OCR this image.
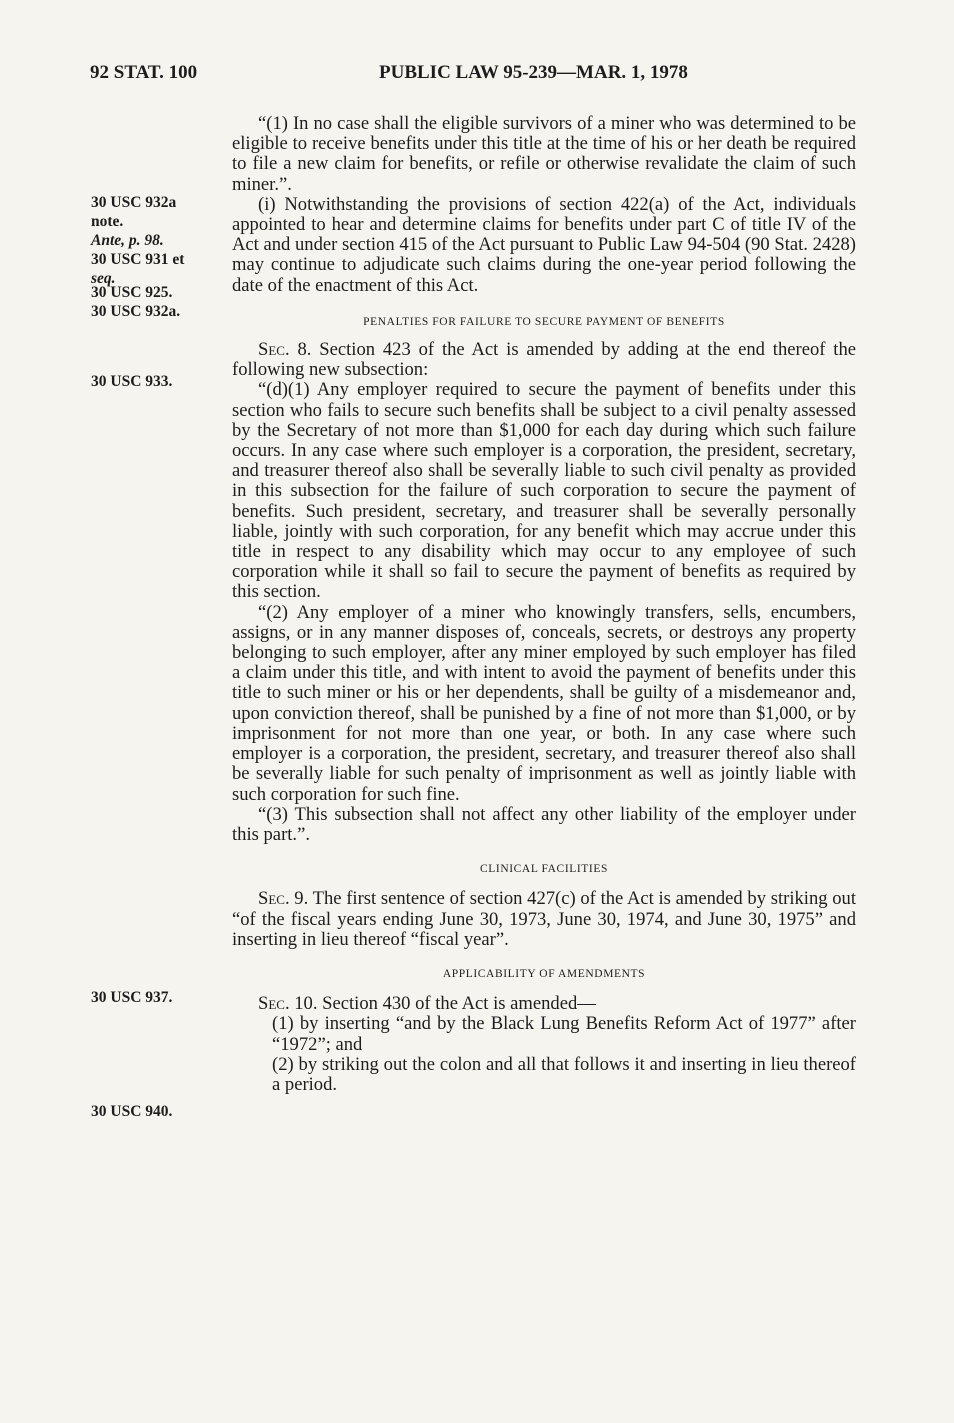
92 STAT. 100	PUBLIC LAW 95-239—MAR. 1, 1978
30 USC 932a
note.
Ante, p. 98.
30 USC 931 et
seq.
30 USC 925.
30 USC 932a.
30 USC 933.
30 USC 937.
30 USC 940.

“(1) In no case shall the eligible survivors of a miner who was determined to be eligible to receive benefits under this title at the time of his or her death be required to file a new claim for benefits, or refile or otherwise revalidate the claim of such miner.”.

(i) Notwithstanding the provisions of section 422(a) of the Act, individuals appointed to hear and determine claims for benefits under part C of title IV of the Act and under section 415 of the Act pursuant to Public Law 94-504 (90 Stat. 2428) may continue to adjudicate such claims during the one-year period following the date of the enactment of this Act.

PENALTIES FOR FAILURE TO SECURE PAYMENT OF BENEFITS

Sec. 8. Section 423 of the Act is amended by adding at the end thereof the following new subsection:

“(d)(1) Any employer required to secure the payment of benefits under this section who fails to secure such benefits shall be subject to a civil penalty assessed by the Secretary of not more than $1,000 for each day during which such failure occurs. In any case where such employer is a corporation, the president, secretary, and treasurer thereof also shall be severally liable to such civil penalty as provided in this subsection for the failure of such corporation to secure the payment of benefits. Such president, secretary, and treasurer shall be severally personally liable, jointly with such corporation, for any benefit which may accrue under this title in respect to any disability which may occur to any employee of such corporation while it shall so fail to secure the payment of benefits as required by this section.

“(2) Any employer of a miner who knowingly transfers, sells, encumbers, assigns, or in any manner disposes of, conceals, secrets, or destroys any property belonging to such employer, after any miner employed by such employer has filed a claim under this title, and with intent to avoid the payment of benefits under this title to such miner or his or her dependents, shall be guilty of a misdemeanor and, upon conviction thereof, shall be punished by a fine of not more than $1,000, or by imprisonment for not more than one year, or both. In any case where such employer is a corporation, the president, secretary, and treasurer thereof also shall be severally liable for such penalty of imprisonment as well as jointly liable with such corporation for such fine.

“(3) This subsection shall not affect any other liability of the employer under this part.”.

CLINICAL FACILITIES

Sec. 9. The first sentence of section 427(c) of the Act is amended by striking out “of the fiscal years ending June 30, 1973, June 30, 1974, and June 30, 1975” and inserting in lieu thereof “fiscal year”.

APPLICABILITY OF AMENDMENTS

Sec. 10. Section 430 of the Act is amended—

(1) by inserting “and by the Black Lung Benefits Reform Act of 1977” after “1972”; and

(2) by striking out the colon and all that follows it and inserting in lieu thereof a period.
